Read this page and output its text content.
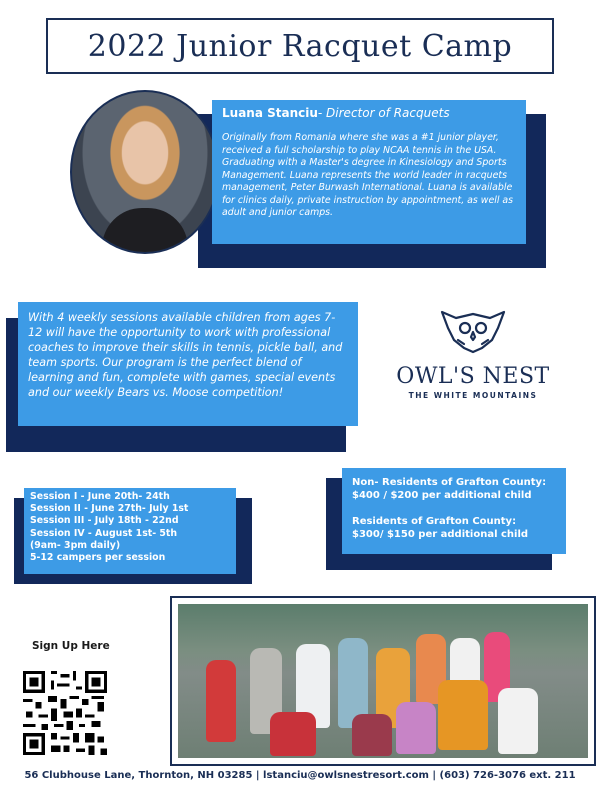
2022 Junior Racquet Camp
Luana Stanciu- Director of Racquets
Originally from Romania where she was a #1 junior player, received a full scholarship to play NCAA tennis in the USA. Graduating with a Master's degree in Kinesiology and Sports Management. Luana represents the world leader in racquets management, Peter Burwash International. Luana is available for clinics daily, private instruction by appointment, as well as adult and junior camps.
With 4 weekly sessions available children from ages 7-12 will have the opportunity to work with professional coaches to improve their skills in tennis, pickle ball, and team sports. Our program is the perfect blend of learning and fun, complete with games, special events and our weekly Bears vs. Moose competition!
OWL'S NEST
THE WHITE MOUNTAINS
Session I - June 20th- 24th
Session II - June 27th- July 1st
Session III - July 18th - 22nd
Session IV - August 1st- 5th
(9am- 3pm daily)
5-12 campers per session
Non- Residents of Grafton County:
$400 / $200 per additional child
Residents of Grafton County:
$300/ $150 per additional child
Sign Up Here
56 Clubhouse Lane, Thornton, NH 03285 | lstanciu@owlsnestresort.com | (603) 726-3076 ext. 211
